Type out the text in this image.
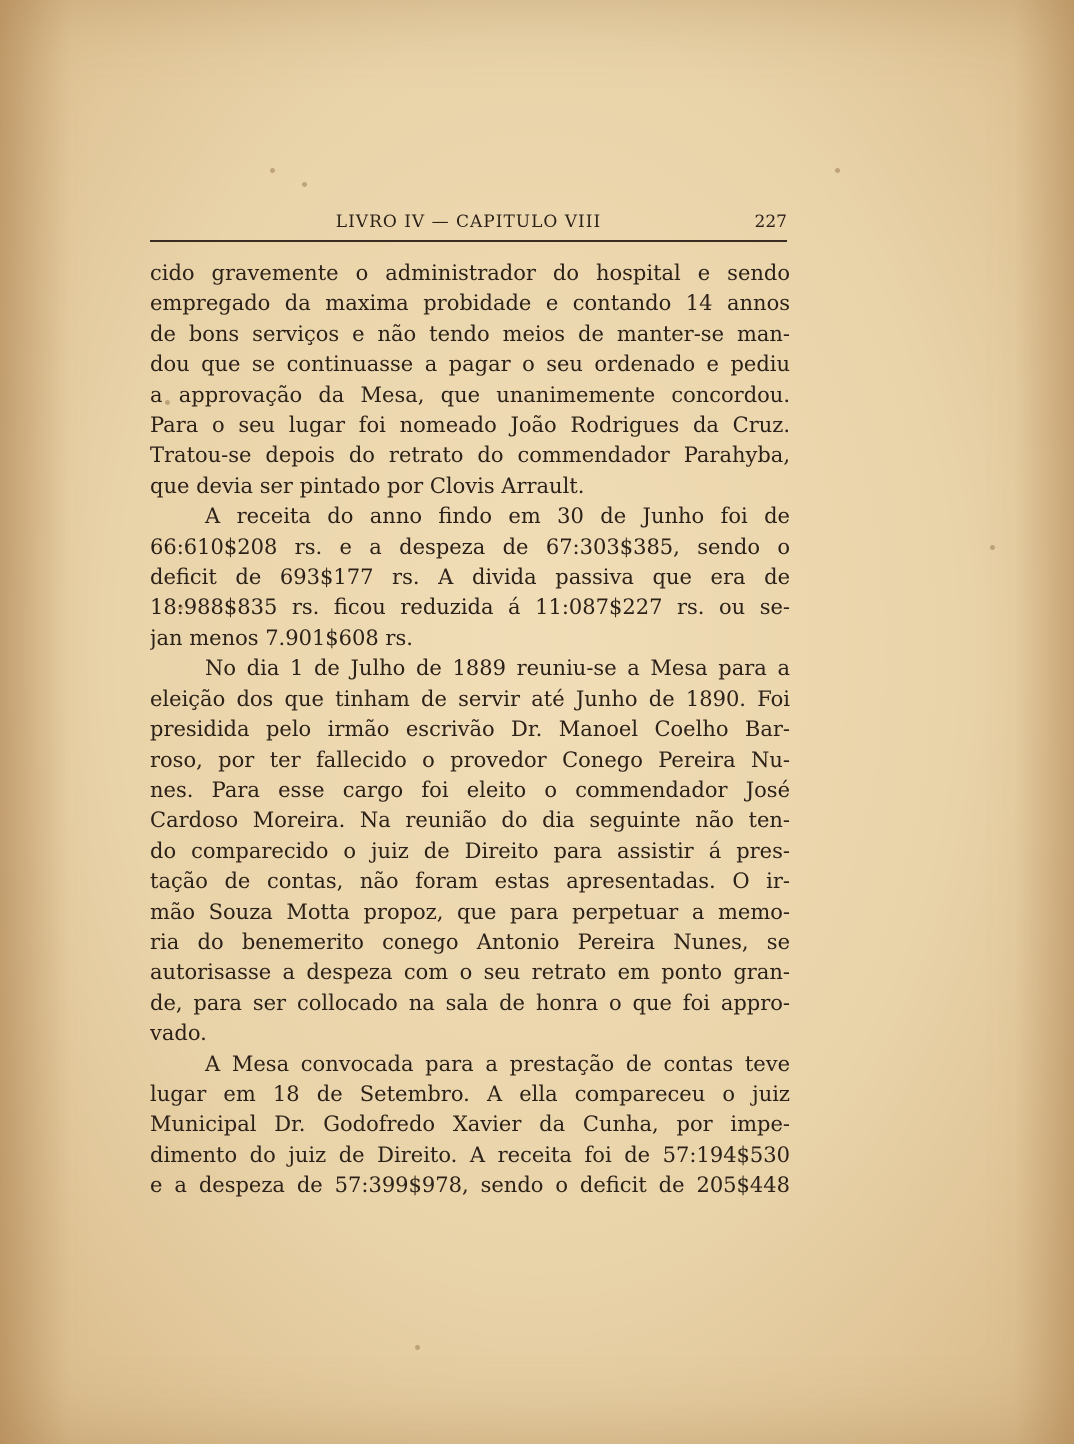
LIVRO IV — CAPITULO VIII	227
cido gravemente o administrador do hospital e sendo
empregado da maxima probidade e contando 14 annos
de bons serviços e não tendo meios de manter-se man-
dou que se continuasse a pagar o seu ordenado e pediu
a approvação da Mesa, que unanimemente concordou.
Para o seu lugar foi nomeado João Rodrigues da Cruz.
Tratou-se depois do retrato do commendador Parahyba,
que devia ser pintado por Clovis Arrault.
A receita do anno findo em 30 de Junho foi de
66:610$208 rs. e a despeza de 67:303$385, sendo o
deficit de 693$177 rs. A divida passiva que era de
18:988$835 rs. ficou reduzida á 11:087$227 rs. ou se-
jan menos 7.901$608 rs.
No dia 1 de Julho de 1889 reuniu-se a Mesa para a
eleição dos que tinham de servir até Junho de 1890. Foi
presidida pelo irmão escrivão Dr. Manoel Coelho Bar-
roso, por ter fallecido o provedor Conego Pereira Nu-
nes. Para esse cargo foi eleito o commendador José
Cardoso Moreira. Na reunião do dia seguinte não ten-
do comparecido o juiz de Direito para assistir á pres-
tação de contas, não foram estas apresentadas. O ir-
mão Souza Motta propoz, que para perpetuar a memo-
ria do benemerito conego Antonio Pereira Nunes, se
autorisasse a despeza com o seu retrato em ponto gran-
de, para ser collocado na sala de honra o que foi appro-
vado.
A Mesa convocada para a prestação de contas teve
lugar em 18 de Setembro. A ella compareceu o juiz
Municipal Dr. Godofredo Xavier da Cunha, por impe-
dimento do juiz de Direito. A receita foi de 57:194$530
e a despeza de 57:399$978, sendo o deficit de 205$448
